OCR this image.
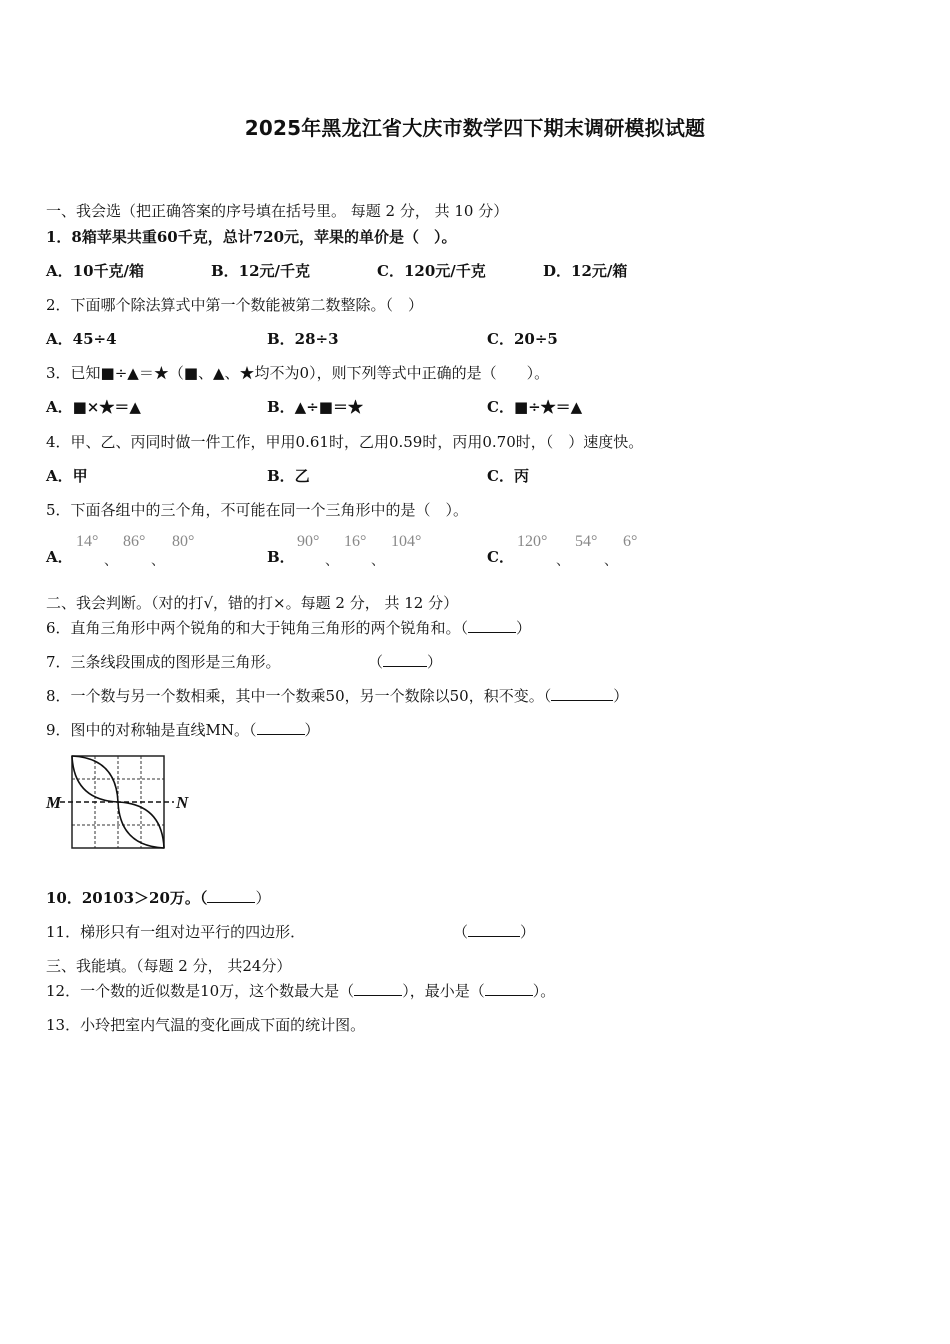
2025年黑龙江省大庆市数学四下期末调研模拟试题
一、我会选（把正确答案的序号填在括号里。 每题 2 分， 共 10 分）
1．8箱苹果共重60千克，总计720元，苹果的单价是（　）。
A．10千克/箱	B．12元/千克	C．120元/千克	D．12元/箱
2．下面哪个除法算式中第一个数能被第二数整除。（　）
A．45÷4	B．28÷3	C．20÷5
3．已知■÷▲＝★（■、▲、★均不为0），则下列等式中正确的是（　　）。
A．■×★＝▲	B．▲÷■＝★	C．■÷★＝▲
4．甲、乙、丙同时做一件工作，甲用0.61时，乙用0.59时，丙用0.70时，（　）速度快。
A．甲	B．乙	C．丙
5．下面各组中的三个角，不可能在同一个三角形中的是（　）。
A．
14°
、
86°
、
80°
B．
90°
、
16°
、
104°
C．
120°
、
54°
、
6°
二、我会判断。（对的打√，错的打×。每题 2 分， 共 12 分）
6．直角三角形中两个锐角的和大于钝角三角形的两个锐角和。（	）
7．三条线段围成的图形是三角形。	（	）
8．一个数与另一个数相乘，其中一个数乘50，另一个数除以50，积不变。（	）
9．图中的对称轴是直线MN。（	）
M	N
10．20103＞20万。（	）
11．梯形只有一组对边平行的四边形．	（	）
三、我能填。（每题 2 分， 共24分）
12．一个数的近似数是10万，这个数最大是（	），最小是（	）。
13．小玲把室内气温的变化画成下面的统计图。
